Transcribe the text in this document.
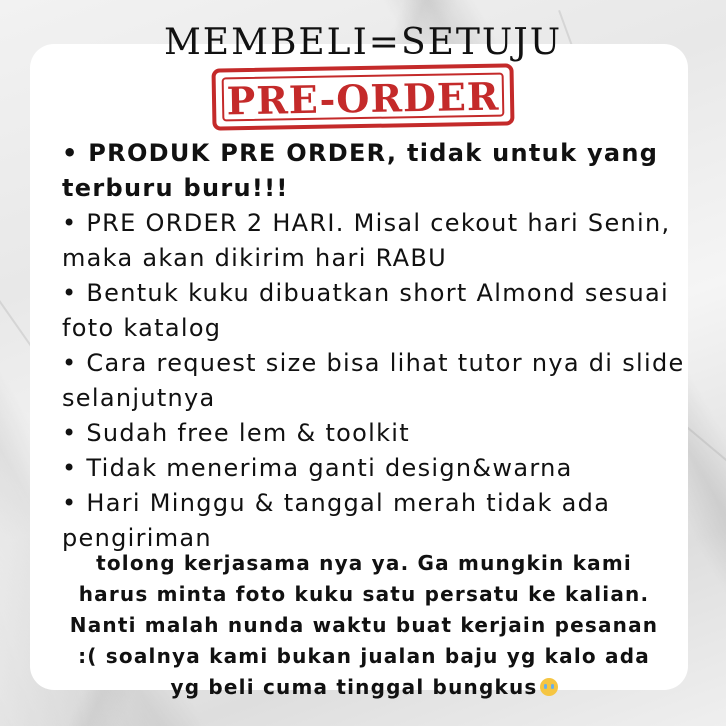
MEMBELI=SETUJU
PRE-ORDER
• PRODUK PRE ORDER, tidak untuk yang terburu buru!!!
• PRE ORDER 2 HARI. Misal cekout hari Senin, maka akan dikirim hari RABU
• Bentuk kuku dibuatkan short Almond sesuai foto katalog
• Cara request size bisa lihat tutor nya di slide selanjutnya
• Sudah free lem & toolkit
• Tidak menerima ganti design&warna
• Hari Minggu & tanggal merah tidak ada pengiriman
tolong kerjasama nya ya. Ga mungkin kami harus minta foto kuku satu persatu ke kalian. Nanti malah nunda waktu buat kerjain pesanan :( soalnya kami bukan jualan baju yg kalo ada yg beli cuma tinggal bungkus
